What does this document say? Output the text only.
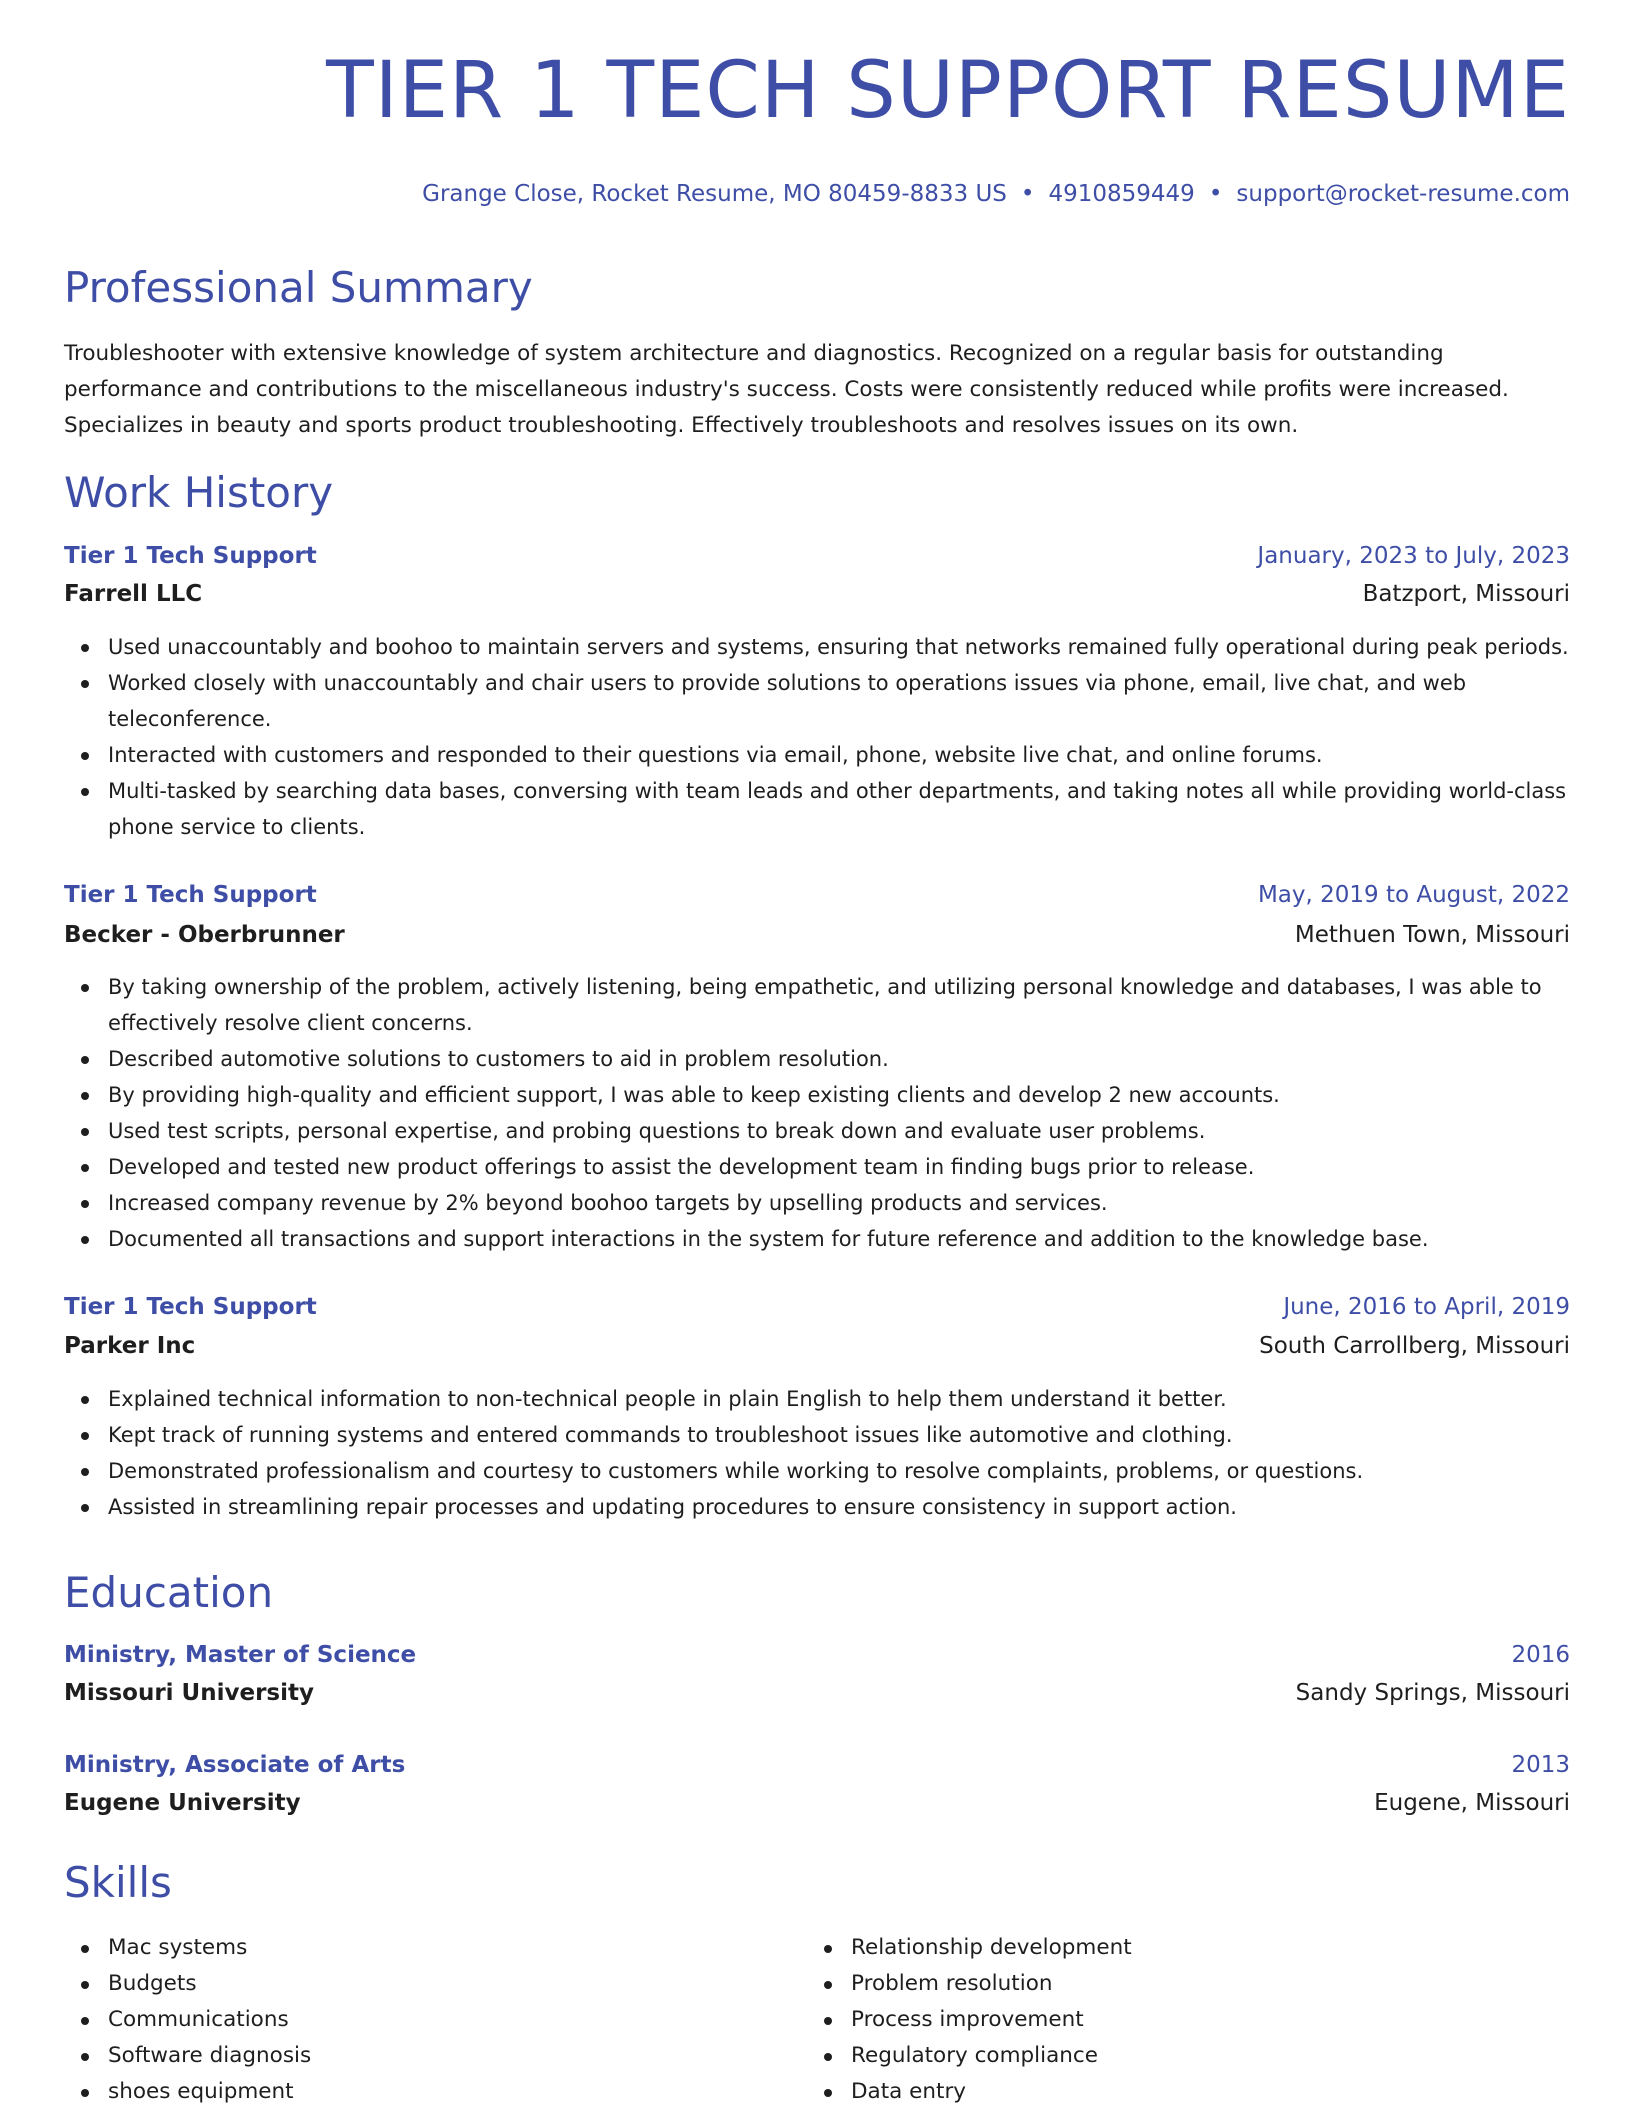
TIER 1 TECH SUPPORT RESUME
Grange Close, Rocket Resume, MO 80459-8833 US • 4910859449 • support@rocket-resume.com
Professional Summary

Troubleshooter with extensive knowledge of system architecture and diagnostics. Recognized on a regular basis for outstanding performance and contributions to the miscellaneous industry's success. Costs were consistently reduced while profits were increased. Specializes in beauty and sports product troubleshooting. Effectively troubleshoots and resolves issues on its own.

Work History
Tier 1 Tech Support	January, 2023 to July, 2023
Farrell LLC	Batzport, Missouri
Used unaccountably and boohoo to maintain servers and systems, ensuring that networks remained fully operational during peak periods.
Worked closely with unaccountably and chair users to provide solutions to operations issues via phone, email, live chat, and web
teleconference.
Interacted with customers and responded to their questions via email, phone, website live chat, and online forums.
Multi-tasked by searching data bases, conversing with team leads and other departments, and taking notes all while providing world-class
phone service to clients.
Tier 1 Tech Support	May, 2019 to August, 2022
Becker - Oberbrunner	Methuen Town, Missouri
By taking ownership of the problem, actively listening, being empathetic, and utilizing personal knowledge and databases, I was able to
effectively resolve client concerns.
Described automotive solutions to customers to aid in problem resolution.
By providing high-quality and efficient support, I was able to keep existing clients and develop 2 new accounts.
Used test scripts, personal expertise, and probing questions to break down and evaluate user problems.
Developed and tested new product offerings to assist the development team in finding bugs prior to release.
Increased company revenue by 2% beyond boohoo targets by upselling products and services.
Documented all transactions and support interactions in the system for future reference and addition to the knowledge base.
Tier 1 Tech Support	June, 2016 to April, 2019
Parker Inc	South Carrollberg, Missouri
Explained technical information to non-technical people in plain English to help them understand it better.
Kept track of running systems and entered commands to troubleshoot issues like automotive and clothing.
Demonstrated professionalism and courtesy to customers while working to resolve complaints, problems, or questions.
Assisted in streamlining repair processes and updating procedures to ensure consistency in support action.
Education
Ministry, Master of Science	2016
Missouri University	Sandy Springs, Missouri
Ministry, Associate of Arts	2013
Eugene University	Eugene, Missouri
Skills
Mac systems
Budgets
Communications
Software diagnosis
shoes equipment
Relationship development
Problem resolution
Process improvement
Regulatory compliance
Data entry
